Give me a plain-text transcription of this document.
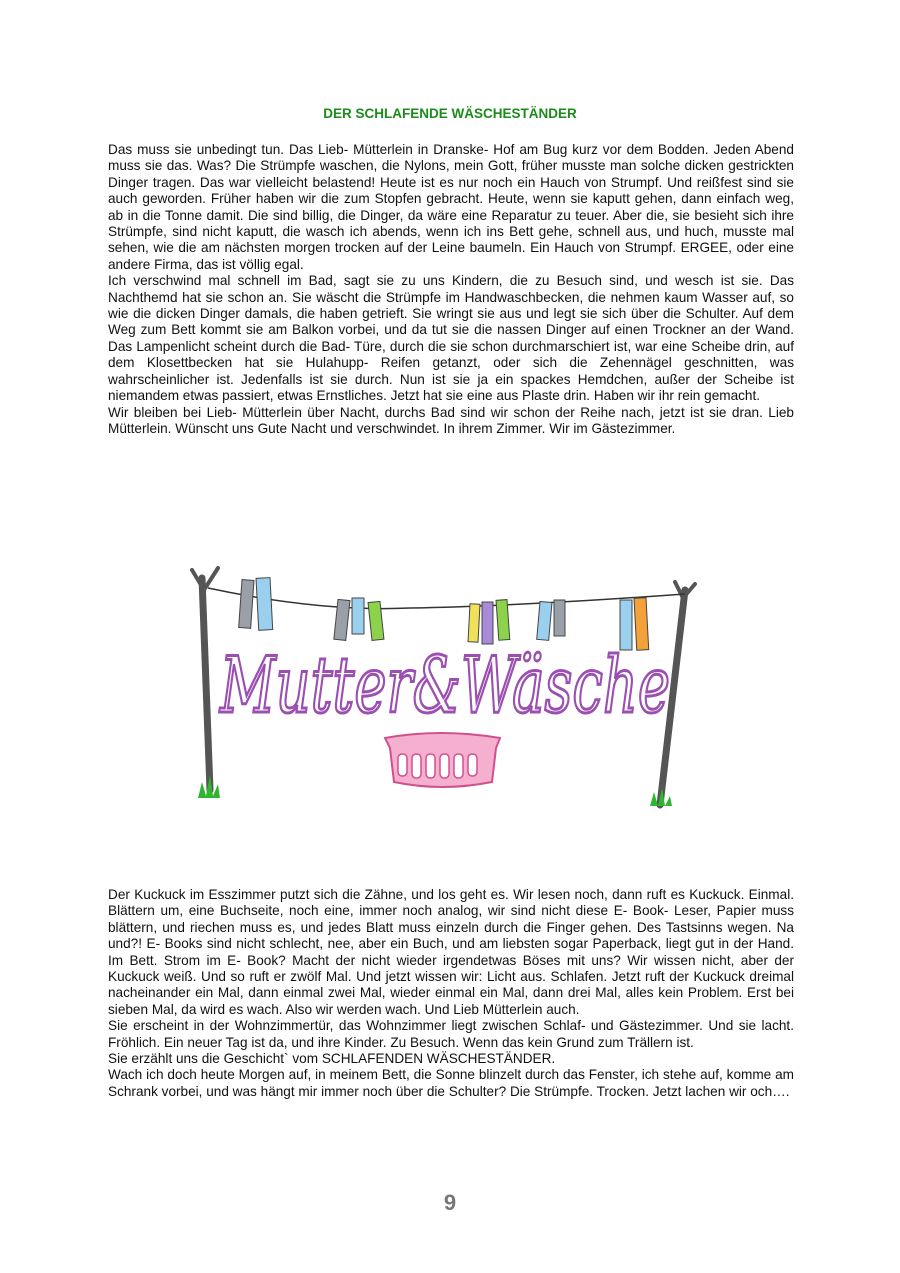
DER SCHLAFENDE WÄSCHESTÄNDER

Das muss sie unbedingt tun. Das Lieb- Mütterlein in Dranske- Hof am Bug kurz vor dem Bodden. Jeden Abend muss sie das. Was? Die Strümpfe waschen, die Nylons, mein Gott, früher musste man solche dicken gestrickten Dinger tragen. Das war vielleicht belastend! Heute ist es nur noch ein Hauch von Strumpf. Und reißfest sind sie auch geworden. Früher haben wir die zum Stopfen gebracht. Heute, wenn sie kaputt gehen, dann einfach weg, ab in die Tonne damit. Die sind billig, die Dinger, da wäre eine Reparatur zu teuer. Aber die, sie besieht sich ihre Strümpfe, sind nicht kaputt, die wasch ich abends, wenn ich ins Bett gehe, schnell aus, und huch, musste mal sehen, wie die am nächsten morgen trocken auf der Leine baumeln. Ein Hauch von Strumpf. ERGEE, oder eine andere Firma, das ist völlig egal.

Ich verschwind mal schnell im Bad, sagt sie zu uns Kindern, die zu Besuch sind, und wesch ist sie. Das Nachthemd hat sie schon an. Sie wäscht die Strümpfe im Handwaschbecken, die nehmen kaum Wasser auf, so wie die dicken Dinger damals, die haben getrieft. Sie wringt sie aus und legt sie sich über die Schulter. Auf dem Weg zum Bett kommt sie am Balkon vorbei, und da tut sie die nassen Dinger auf einen Trockner an der Wand. Das Lampenlicht scheint durch die Bad- Türe, durch die sie schon durchmarschiert ist, war eine Scheibe drin, auf dem Klosettbecken hat sie Hulahupp- Reifen getanzt, oder sich die Zehennägel geschnitten, was wahrscheinlicher ist. Jedenfalls ist sie durch. Nun ist sie ja ein spackes Hemdchen, außer der Scheibe ist niemandem etwas passiert, etwas Ernstliches. Jetzt hat sie eine aus Plaste drin. Haben wir ihr rein gemacht.

Wir bleiben bei Lieb- Mütterlein über Nacht, durchs Bad sind wir schon der Reihe nach, jetzt ist sie dran. Lieb Mütterlein. Wünscht uns Gute Nacht und verschwindet. In ihrem Zimmer. Wir im Gästezimmer.

Mutter&Wäsche

Der Kuckuck im Esszimmer putzt sich die Zähne, und los geht es. Wir lesen noch, dann ruft es Kuckuck. Einmal. Blättern um, eine Buchseite, noch eine, immer noch analog, wir sind nicht diese E- Book- Leser, Papier muss blättern, und riechen muss es, und jedes Blatt muss einzeln durch die Finger gehen. Des Tastsinns wegen. Na und?! E- Books sind nicht schlecht, nee, aber ein Buch, und am liebsten sogar Paperback, liegt gut in der Hand. Im Bett. Strom im E- Book? Macht der nicht wieder irgendetwas Böses mit uns? Wir wissen nicht, aber der Kuckuck weiß. Und so ruft er zwölf Mal. Und jetzt wissen wir: Licht aus. Schlafen. Jetzt ruft der Kuckuck dreimal nacheinander ein Mal, dann einmal zwei Mal, wieder einmal ein Mal, dann drei Mal, alles kein Problem. Erst bei sieben Mal, da wird es wach. Also wir werden wach. Und Lieb Mütterlein auch.

Sie erscheint in der Wohnzimmertür, das Wohnzimmer liegt zwischen Schlaf- und Gästezimmer. Und sie lacht. Fröhlich. Ein neuer Tag ist da, und ihre Kinder. Zu Besuch. Wenn das kein Grund zum Trällern ist.

Sie erzählt uns die Geschicht` vom SCHLAFENDEN WÄSCHESTÄNDER.

Wach ich doch heute Morgen auf, in meinem Bett, die Sonne blinzelt durch das Fenster, ich stehe auf, komme am Schrank vorbei, und was hängt mir immer noch über die Schulter? Die Strümpfe. Trocken. Jetzt lachen wir och….

9
